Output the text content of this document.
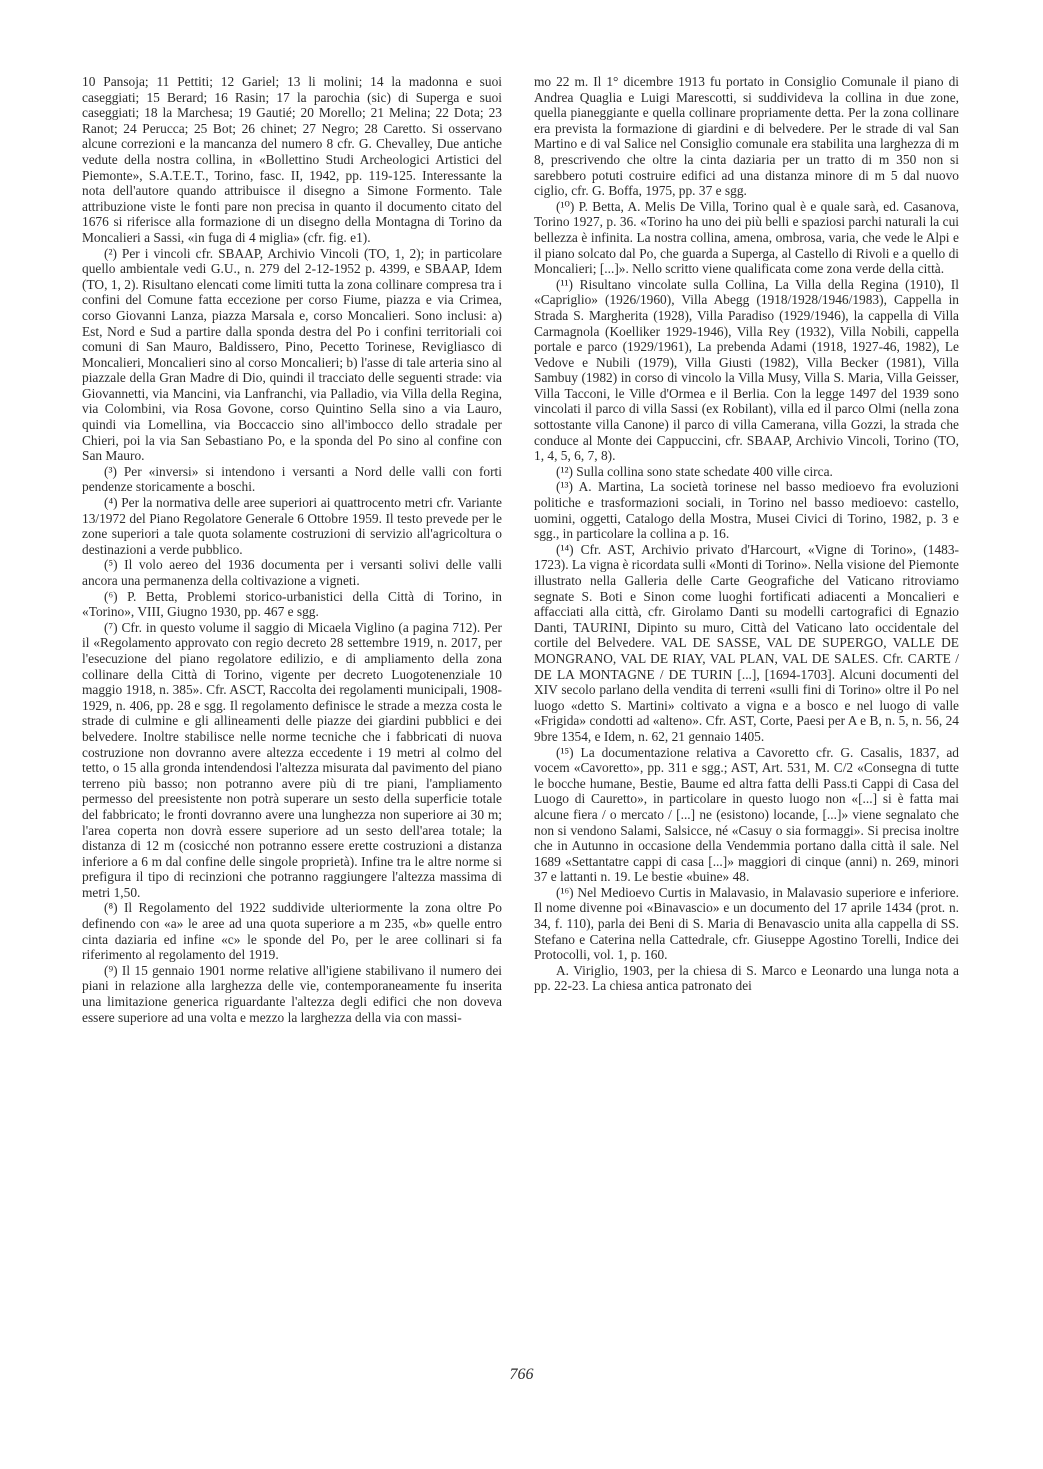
10 Pansoja; 11 Pettiti; 12 Gariel; 13 li molini; 14 la madonna e suoi caseggiati; 15 Berard; 16 Rasin; 17 la parochia (sic) di Superga e suoi caseggiati; 18 la Marchesa; 19 Gautié; 20 Morello; 21 Melina; 22 Dota; 23 Ranot; 24 Perucca; 25 Bot; 26 chinet; 27 Negro; 28 Caretto. Si osservano alcune correzioni e la mancanza del numero 8 cfr. G. Chevalley, Due antiche vedute della nostra collina, in «Bollettino Studi Archeologici Artistici del Piemonte», S.A.T.E.T., Torino, fasc. II, 1942, pp. 119-125. Interessante la nota dell'autore quando attribuisce il disegno a Simone Formento. Tale attribuzione viste le fonti pare non precisa in quanto il documento citato del 1676 si riferisce alla formazione di un disegno della Montagna di Torino da Moncalieri a Sassi, «in fuga di 4 miglia» (cfr. fig. e1).

(²) Per i vincoli cfr. SBAAP, Archivio Vincoli (TO, 1, 2); in particolare quello ambientale vedi G.U., n. 279 del 2-12-1952 p. 4399, e SBAAP, Idem (TO, 1, 2). Risultano elencati come limiti tutta la zona collinare compresa tra i confini del Comune fatta eccezione per corso Fiume, piazza e via Crimea, corso Giovanni Lanza, piazza Marsala e, corso Moncalieri. Sono inclusi: a) Est, Nord e Sud a partire dalla sponda destra del Po i confini territoriali coi comuni di San Mauro, Baldissero, Pino, Pecetto Torinese, Revigliasco di Moncalieri, Moncalieri sino al corso Moncalieri; b) l'asse di tale arteria sino al piazzale della Gran Madre di Dio, quindi il tracciato delle seguenti strade: via Giovannetti, via Mancini, via Lanfranchi, via Palladio, via Villa della Regina, via Colombini, via Rosa Govone, corso Quintino Sella sino a via Lauro, quindi via Lomellina, via Boccaccio sino all'imbocco dello stradale per Chieri, poi la via San Sebastiano Po, e la sponda del Po sino al confine con San Mauro.

(³) Per «inversi» si intendono i versanti a Nord delle valli con forti pendenze storicamente a boschi.

(⁴) Per la normativa delle aree superiori ai quattrocento metri cfr. Variante 13/1972 del Piano Regolatore Generale 6 Ottobre 1959. Il testo prevede per le zone superiori a tale quota solamente costruzioni di servizio all'agricoltura o destinazioni a verde pubblico.

(⁵) Il volo aereo del 1936 documenta per i versanti solivi delle valli ancora una permanenza della coltivazione a vigneti.

(⁶) P. Betta, Problemi storico-urbanistici della Città di Torino, in «Torino», VIII, Giugno 1930, pp. 467 e sgg.

(⁷) Cfr. in questo volume il saggio di Micaela Viglino (a pagina 712). Per il «Regolamento approvato con regio decreto 28 settembre 1919, n. 2017, per l'esecuzione del piano regolatore edilizio, e di ampliamento della zona collinare della Città di Torino, vigente per decreto Luogotenenziale 10 maggio 1918, n. 385». Cfr. ASCT, Raccolta dei regolamenti municipali, 1908-1929, n. 406, pp. 28 e sgg. Il regolamento definisce le strade a mezza costa le strade di culmine e gli allineamenti delle piazze dei giardini pubblici e dei belvedere. Inoltre stabilisce nelle norme tecniche che i fabbricati di nuova costruzione non dovranno avere altezza eccedente i 19 metri al colmo del tetto, o 15 alla gronda intendendosi l'altezza misurata dal pavimento del piano terreno più basso; non potranno avere più di tre piani, l'ampliamento permesso del preesistente non potrà superare un sesto della superficie totale del fabbricato; le fronti dovranno avere una lunghezza non superiore ai 30 m; l'area coperta non dovrà essere superiore ad un sesto dell'area totale; la distanza di 12 m (cosicché non potranno essere erette costruzioni a distanza inferiore a 6 m dal confine delle singole proprietà). Infine tra le altre norme si prefigura il tipo di recinzioni che potranno raggiungere l'altezza massima di metri 1,50.

(⁸) Il Regolamento del 1922 suddivide ulteriormente la zona oltre Po definendo con «a» le aree ad una quota superiore a m 235, «b» quelle entro cinta daziaria ed infine «c» le sponde del Po, per le aree collinari si fa riferimento al regolamento del 1919.

(⁹) Il 15 gennaio 1901 norme relative all'igiene stabilivano il numero dei piani in relazione alla larghezza delle vie, contemporaneamente fu inserita una limitazione generica riguardante l'altezza degli edifici che non doveva essere superiore ad una volta e mezzo la larghezza della via con massi-

mo 22 m. Il 1° dicembre 1913 fu portato in Consiglio Comunale il piano di Andrea Quaglia e Luigi Marescotti, si suddivideva la collina in due zone, quella pianeggiante e quella collinare propriamente detta. Per la zona collinare era prevista la formazione di giardini e di belvedere. Per le strade di val San Martino e di val Salice nel Consiglio comunale era stabilita una larghezza di m 8, prescrivendo che oltre la cinta daziaria per un tratto di m 350 non si sarebbero potuti costruire edifici ad una distanza minore di m 5 dal nuovo ciglio, cfr. G. Boffa, 1975, pp. 37 e sgg.

(¹⁰) P. Betta, A. Melis De Villa, Torino qual è e quale sarà, ed. Casanova, Torino 1927, p. 36. «Torino ha uno dei più belli e spaziosi parchi naturali la cui bellezza è infinita. La nostra collina, amena, ombrosa, varia, che vede le Alpi e il piano solcato dal Po, che guarda a Superga, al Castello di Rivoli e a quello di Moncalieri; [...]». Nello scritto viene qualificata come zona verde della città.

(¹¹) Risultano vincolate sulla Collina, La Villa della Regina (1910), Il «Capriglio» (1926/1960), Villa Abegg (1918/1928/1946/1983), Cappella in Strada S. Margherita (1928), Villa Paradiso (1929/1946), la cappella di Villa Carmagnola (Koelliker 1929-1946), Villa Rey (1932), Villa Nobili, cappella portale e parco (1929/1961), La prebenda Adami (1918, 1927-46, 1982), Le Vedove e Nubili (1979), Villa Giusti (1982), Villa Becker (1981), Villa Sambuy (1982) in corso di vincolo la Villa Musy, Villa S. Maria, Villa Geisser, Villa Tacconi, le Ville d'Ormea e il Berlia. Con la legge 1497 del 1939 sono vincolati il parco di villa Sassi (ex Robilant), villa ed il parco Olmi (nella zona sottostante villa Canone) il parco di villa Camerana, villa Gozzi, la strada che conduce al Monte dei Cappuccini, cfr. SBAAP, Archivio Vincoli, Torino (TO, 1, 4, 5, 6, 7, 8).

(¹²) Sulla collina sono state schedate 400 ville circa.

(¹³) A. Martina, La società torinese nel basso medioevo fra evoluzioni politiche e trasformazioni sociali, in Torino nel basso medioevo: castello, uomini, oggetti, Catalogo della Mostra, Musei Civici di Torino, 1982, p. 3 e sgg., in particolare la collina a p. 16.

(¹⁴) Cfr. AST, Archivio privato d'Harcourt, «Vigne di Torino», (1483-1723). La vigna è ricordata sulli «Monti di Torino». Nella visione del Piemonte illustrato nella Galleria delle Carte Geografiche del Vaticano ritroviamo segnate S. Boti e Sinon come luoghi fortificati adiacenti a Moncalieri e affacciati alla città, cfr. Girolamo Danti su modelli cartografici di Egnazio Danti, TAURINI, Dipinto su muro, Città del Vaticano lato occidentale del cortile del Belvedere. VAL DE SASSE, VAL DE SUPERGO, VALLE DE MONGRANO, VAL DE RIAY, VAL PLAN, VAL DE SALES. Cfr. CARTE / DE LA MONTAGNE / DE TURIN [...], [1694-1703]. Alcuni documenti del XIV secolo parlano della vendita di terreni «sulli fini di Torino» oltre il Po nel luogo «detto S. Martini» coltivato a vigna e a bosco e nel luogo di valle «Frigida» condotti ad «alteno». Cfr. AST, Corte, Paesi per A e B, n. 5, n. 56, 24 9bre 1354, e Idem, n. 62, 21 gennaio 1405.

(¹⁵) La documentazione relativa a Cavoretto cfr. G. Casalis, 1837, ad vocem «Cavoretto», pp. 311 e sgg.; AST, Art. 531, M. C/2 «Consegna di tutte le bocche humane, Bestie, Baume ed altra fatta delli Pass.ti Cappi di Casa del Luogo di Cauretto», in particolare in questo luogo non «[...] si è fatta mai alcune fiera / o mercato / [...] ne (esistono) locande, [...]» viene segnalato che non si vendono Salami, Salsicce, né «Casuy o sia formaggi». Si precisa inoltre che in Autunno in occasione della Vendemmia portano dalla città il sale. Nel 1689 «Settantatre cappi di casa [...]» maggiori di cinque (anni) n. 269, minori 37 e lattanti n. 19. Le bestie «buine» 48.

(¹⁶) Nel Medioevo Curtis in Malavasio, in Malavasio superiore e inferiore. Il nome divenne poi «Binavascio» e un documento del 17 aprile 1434 (prot. n. 34, f. 110), parla dei Beni di S. Maria di Benavascio unita alla cappella di SS. Stefano e Caterina nella Cattedrale, cfr. Giuseppe Agostino Torelli, Indice dei Protocolli, vol. 1, p. 160.

A. Viriglio, 1903, per la chiesa di S. Marco e Leonardo una lunga nota a pp. 22-23. La chiesa antica patronato dei

766
